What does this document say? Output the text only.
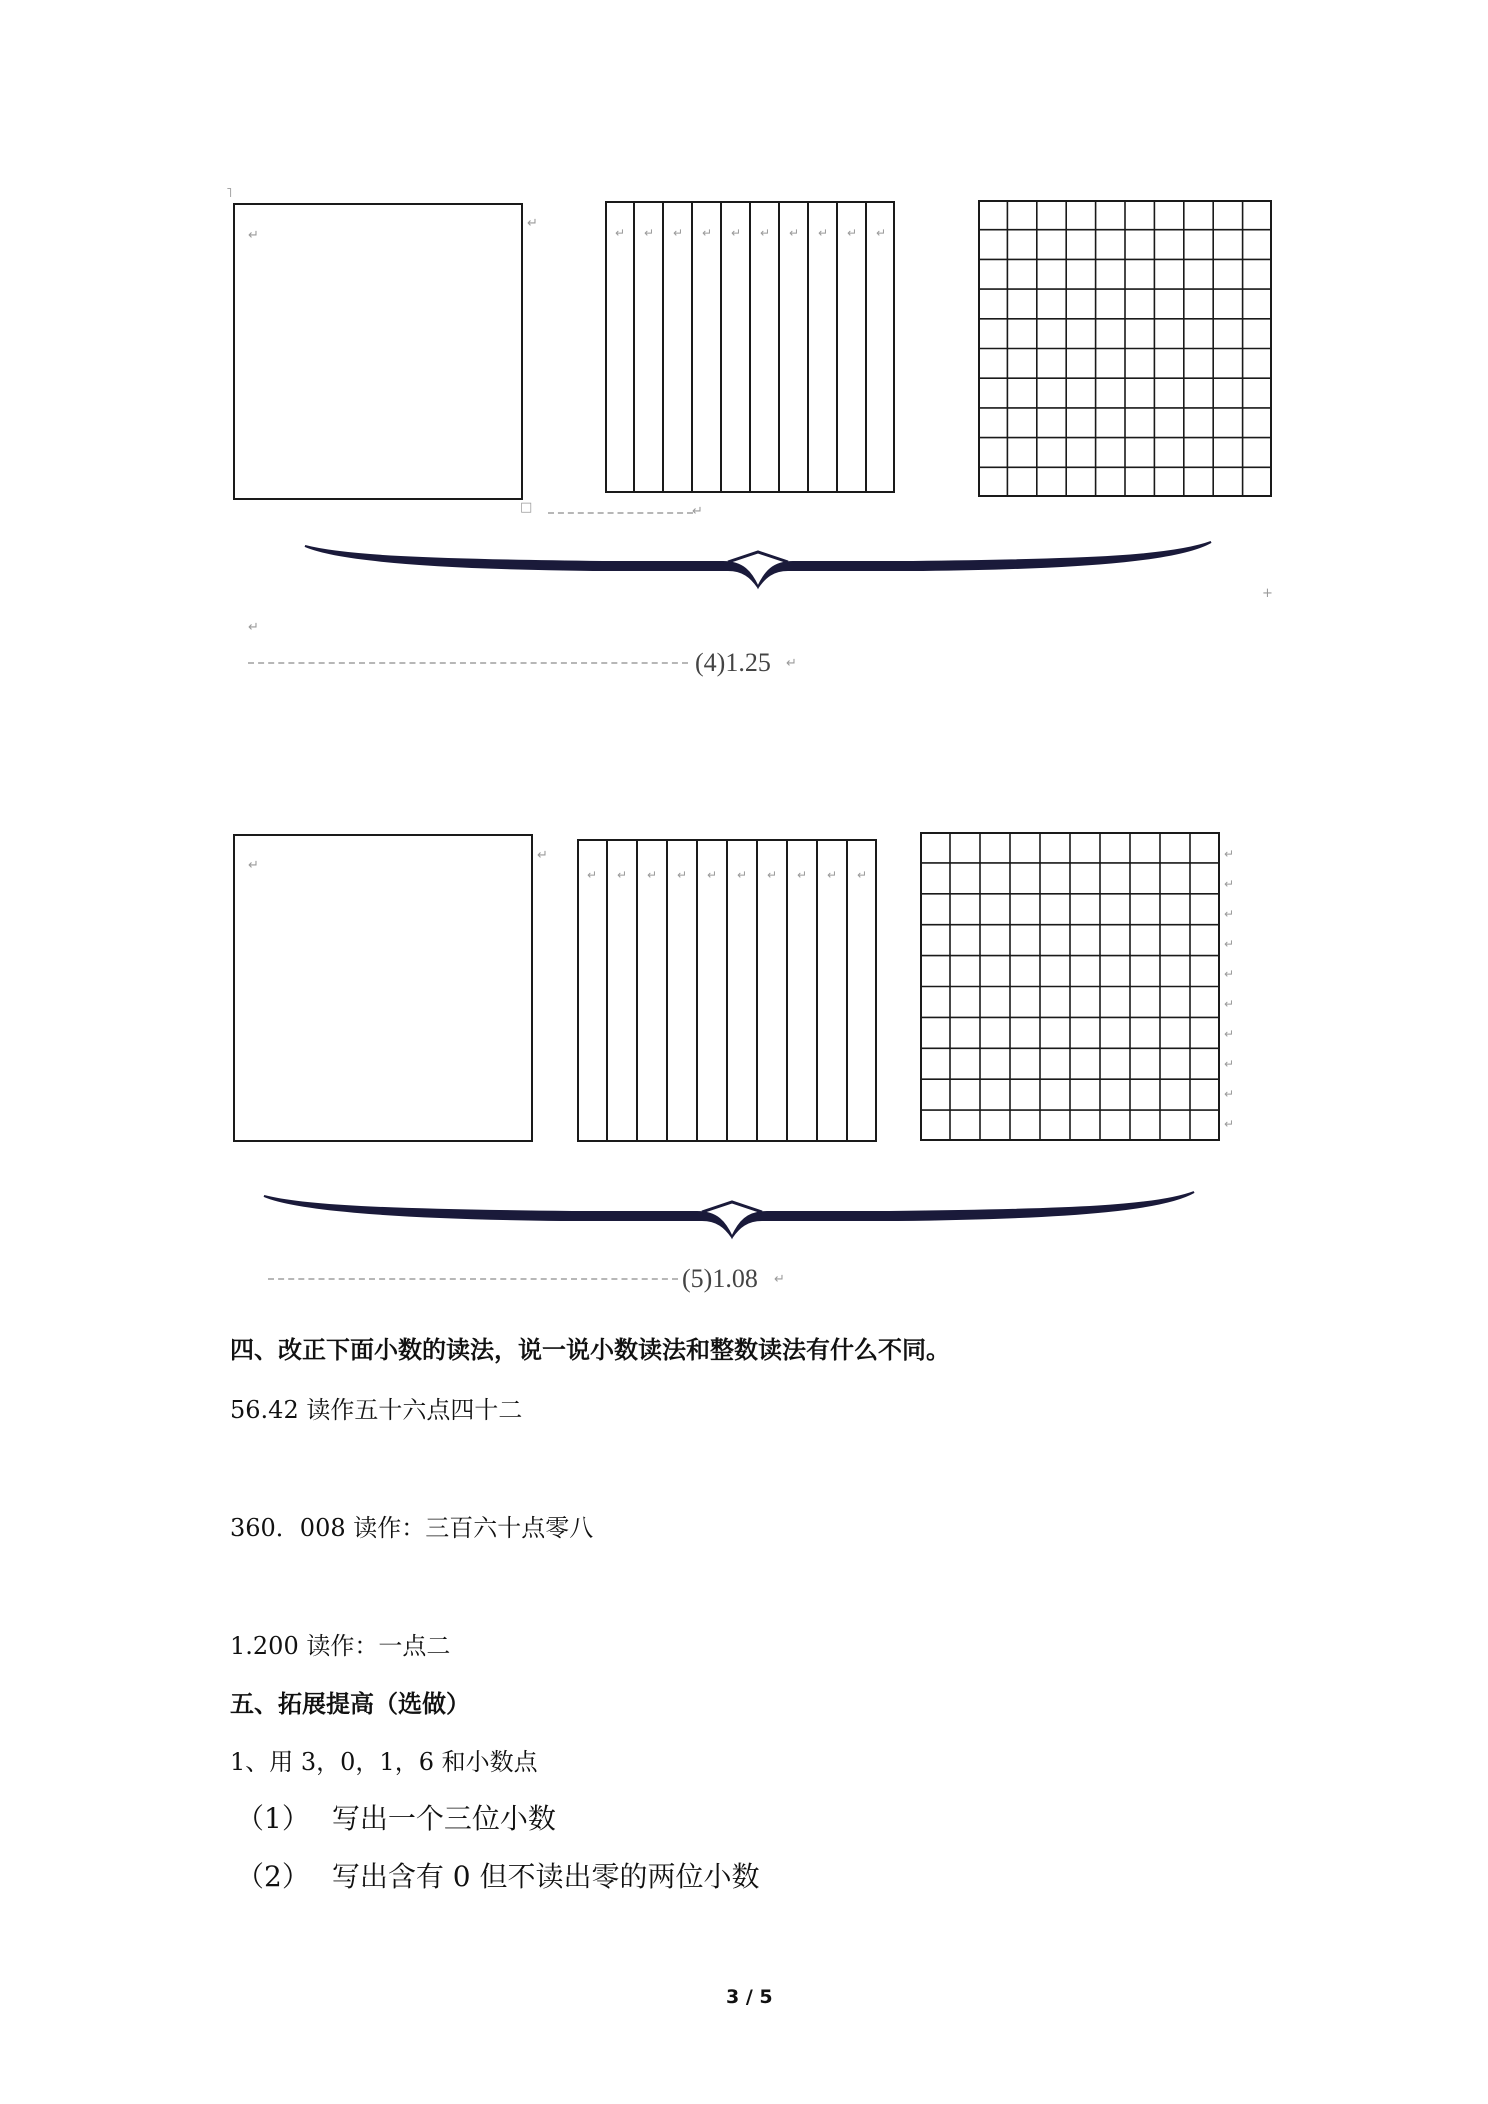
↵
↵
˥
□	↵
↵ ↵ ↵ ↵ ↵ ↵ ↵ ↵ ↵ ↵
+
↵
(4)1.25 ↵
↵
↵
↵ ↵ ↵ ↵ ↵ ↵ ↵ ↵ ↵ ↵
↵
↵
↵
↵
↵
↵
↵
↵
↵
↵
(5)1.08 ↵
四、改正下面小数的读法，说一说小数读法和整数读法有什么不同。
56.42 读作五十六点四十二
360．008 读作：三百六十点零八
1.200 读作：一点二
五、拓展提高（选做）
1、用 3，0，1，6 和小数点
（1） 写出一个三位小数
（2） 写出含有 0 但不读出零的两位小数
3 / 5
